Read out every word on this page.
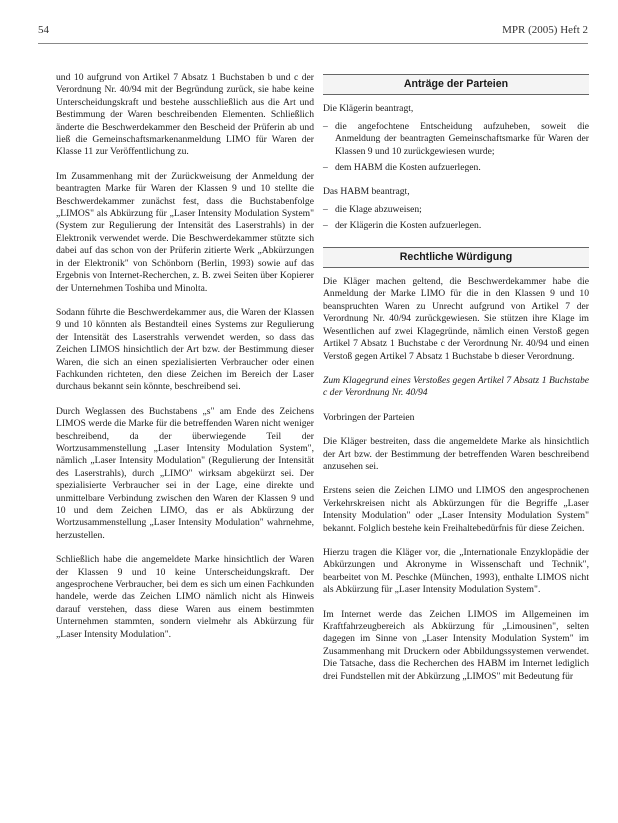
54	MPR (2005) Heft 2

und 10 aufgrund von Artikel 7 Absatz 1 Buchstaben b und c der Verordnung Nr. 40/94 mit der Begründung zurück, sie habe keine Unterscheidungskraft und bestehe ausschließlich aus die Art und Bestimmung der Waren beschreibenden Elementen. Schließlich änderte die Beschwerdekammer den Bescheid der Prüferin ab und ließ die Gemeinschaftsmarkenanmeldung LIMO für Waren der Klasse 11 zur Veröffentlichung zu.

Im Zusammenhang mit der Zurückweisung der Anmeldung der beantragten Marke für Waren der Klassen 9 und 10 stellte die Beschwerdekammer zunächst fest, dass die Buchstabenfolge „LIMOS" als Abkürzung für „Laser Intensity Modulation System" (System zur Regulierung der Intensität des Laserstrahls) in der Elektronik verwendet werde. Die Beschwerdekammer stützte sich dabei auf das schon von der Prüferin zitierte Werk „Abkürzungen in der Elektronik" von Schönborn (Berlin, 1993) sowie auf das Ergebnis von Internet-Recherchen, z. B. zwei Seiten über Kopierer der Unternehmen Toshiba und Minolta.

Sodann führte die Beschwerdekammer aus, die Waren der Klassen 9 und 10 könnten als Bestandteil eines Systems zur Regulierung der Intensität des Laserstrahls verwendet werden, so dass das Zeichen LIMOS hinsichtlich der Art bzw. der Bestimmung dieser Waren, die sich an einen spezialisierten Verbraucher oder einen Fachkunden richteten, den diese Zeichen im Bereich der Laser durchaus bekannt sein könnte, beschreibend sei.

Durch Weglassen des Buchstabens „s" am Ende des Zeichens LIMOS werde die Marke für die betreffenden Waren nicht weniger beschreibend, da der überwiegende Teil der Wortzusammenstellung „Laser Intensity Modulation System", nämlich „Laser Intensity Modulation" (Regulierung der Intensität des Laserstrahls), durch „LIMO" wirksam abgekürzt sei. Der spezialisierte Verbraucher sei in der Lage, eine direkte und unmittelbare Verbindung zwischen den Waren der Klassen 9 und 10 und dem Zeichen LIMO, das er als Abkürzung der Wortzusammenstellung „Laser Intensity Modulation" wahrnehme, herzustellen.

Schließlich habe die angemeldete Marke hinsichtlich der Waren der Klassen 9 und 10 keine Unterscheidungskraft. Der angesprochene Verbraucher, bei dem es sich um einen Fachkunden handele, werde das Zeichen LIMO nämlich nicht als Hinweis darauf verstehen, dass diese Waren aus einem bestimmten Unternehmen stammten, sondern vielmehr als Abkürzung für „Laser Intensity Modulation".

Anträge der Parteien

Die Klägerin beantragt,

– die angefochtene Entscheidung aufzuheben, soweit die Anmeldung der beantragten Gemeinschaftsmarke für Waren der Klassen 9 und 10 zurückgewiesen wurde;
– dem HABM die Kosten aufzuerlegen.

Das HABM beantragt,

– die Klage abzuweisen;
– der Klägerin die Kosten aufzuerlegen.
Rechtliche Würdigung

Die Kläger machen geltend, die Beschwerdekammer habe die Anmeldung der Marke LIMO für die in den Klassen 9 und 10 beanspruchten Waren zu Unrecht aufgrund von Artikel 7 der Verordnung Nr. 40/94 zurückgewiesen. Sie stützen ihre Klage im Wesentlichen auf zwei Klagegründe, nämlich einen Verstoß gegen Artikel 7 Absatz 1 Buchstabe c der Verordnung Nr. 40/94 und einen Verstoß gegen Artikel 7 Absatz 1 Buchstabe b dieser Verordnung.

Zum Klagegrund eines Verstoßes gegen Artikel 7 Absatz 1 Buchstabe c der Verordnung Nr. 40/94

Vorbringen der Parteien

Die Kläger bestreiten, dass die angemeldete Marke als hinsichtlich der Art bzw. der Bestimmung der betreffenden Waren beschreibend anzusehen sei.

Erstens seien die Zeichen LIMO und LIMOS den angesprochenen Verkehrskreisen nicht als Abkürzungen für die Begriffe „Laser Intensity Modulation" oder „Laser Intensity Modulation System" bekannt. Folglich bestehe kein Freihaltebedürfnis für diese Zeichen.

Hierzu tragen die Kläger vor, die „Internationale Enzyklopädie der Abkürzungen und Akronyme in Wissenschaft und Technik", bearbeitet von M. Peschke (München, 1993), enthalte LIMOS nicht als Abkürzung für „Laser Intensity Modulation System".

Im Internet werde das Zeichen LIMOS im Allgemeinen im Kraftfahrzeugbereich als Abkürzung für „Limousinen", selten dagegen im Sinne von „Laser Intensity Modulation System" im Zusammenhang mit Druckern oder Abbildungssystemen verwendet. Die Tatsache, dass die Recherchen des HABM im Internet lediglich drei Fundstellen mit der Abkürzung „LIMOS" mit Bedeutung für
